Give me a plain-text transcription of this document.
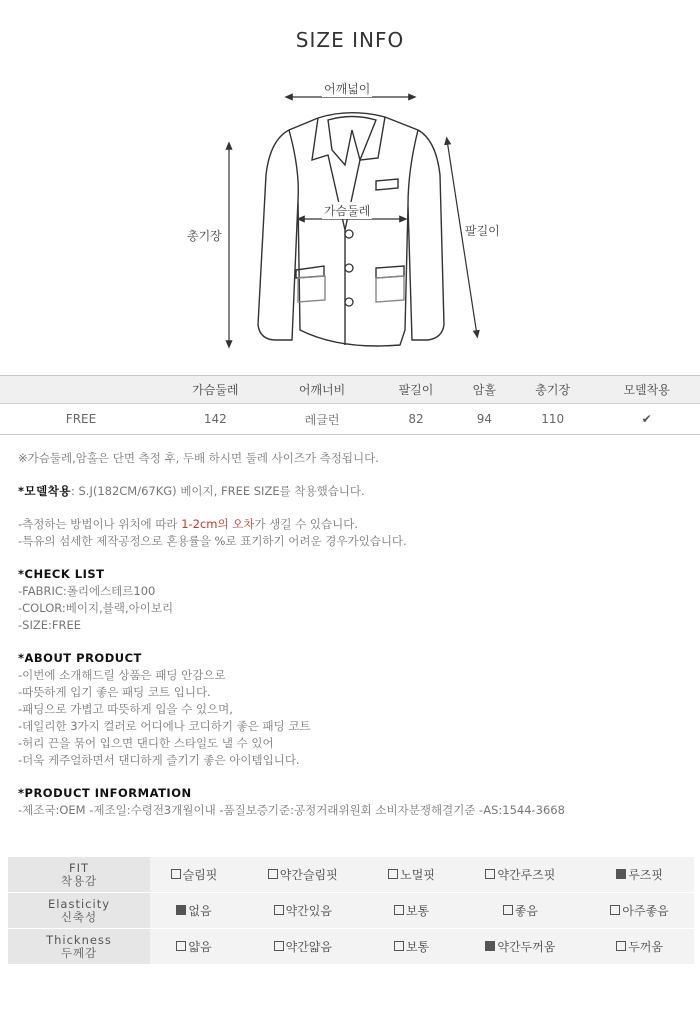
SIZE INFO
어깨넓이
가슴둘레
총기장	팔길이
	가슴둘레	어깨너비	팔길이	암홀	총기장	모델착용
FREE	142	레글런	82	94	110	✔
※가슴둘레,암홀은 단면 측정 후, 두배 하시면 둘레 사이즈가 측정됩니다.
*모델착용: S.J(182CM/67KG) 베이지, FREE SIZE를 착용했습니다.
-측정하는 방법이나 위치에 따라 1-2cm의 오차가 생길 수 있습니다.
-특유의 섬세한 제작공정으로 혼용률을 %로 표기하기 어려운 경우가있습니다.
*CHECK LIST
-FABRIC:폴리에스테르100
-COLOR:베이지,블랙,아이보리
-SIZE:FREE
*ABOUT PRODUCT
-이번에 소개해드릴 상품은 패딩 안감으로
-따뜻하게 입기 좋은 패딩 코트 입니다.
-패딩으로 가볍고 따뜻하게 입을 수 있으며,
-데일리한 3가지 컬러로 어디에나 코디하기 좋은 패딩 코트
-허리 끈을 묶어 입으면 댄디한 스타일도 낼 수 있어
-더욱 케주얼하면서 댄디하게 즐기기 좋은 아이템입니다.
*PRODUCT INFORMATION
-제조국:OEM -제조일:수령전3개월이내 -품질보증기준:공정거래위원회 소비자분쟁해결기준 -AS:1544-3668
FIT
착용감	슬림핏	약간슬림핏	노멀핏	약간루즈핏	루즈핏
Elasticity
신축성	없음	약간있음	보통	좋음	아주좋음
Thickness
두께감	얇음	약간얇음	보통	약간두꺼움	두꺼움
